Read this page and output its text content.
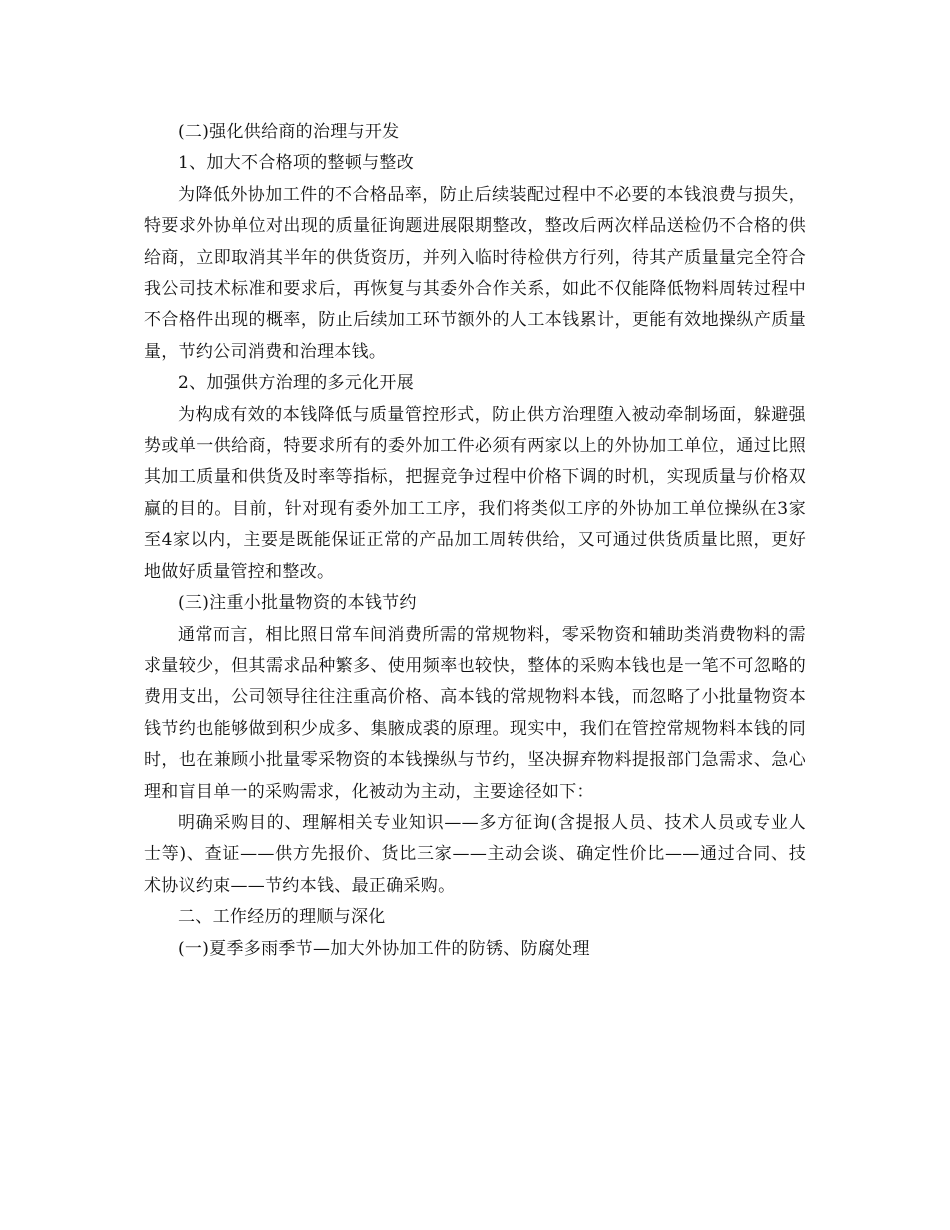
(二)强化供给商的治理与开发

1、加大不合格项的整顿与整改

为降低外协加工件的不合格品率，防止后续装配过程中不必要的本钱浪费与损失，特要求外协单位对出现的质量征询题进展限期整改，整改后两次样品送检仍不合格的供给商，立即取消其半年的供货资历，并列入临时待检供方行列，待其产质量量完全符合我公司技术标准和要求后，再恢复与其委外合作关系，如此不仅能降低物料周转过程中不合格件出现的概率，防止后续加工环节额外的人工本钱累计，更能有效地操纵产质量量，节约公司消费和治理本钱。

2、加强供方治理的多元化开展

为构成有效的本钱降低与质量管控形式，防止供方治理堕入被动牵制场面，躲避强势或单一供给商，特要求所有的委外加工件必须有两家以上的外协加工单位，通过比照其加工质量和供货及时率等指标，把握竞争过程中价格下调的时机，实现质量与价格双赢的目的。目前，针对现有委外加工工序，我们将类似工序的外协加工单位操纵在3家至4家以内，主要是既能保证正常的产品加工周转供给，又可通过供货质量比照，更好地做好质量管控和整改。

(三)注重小批量物资的本钱节约

通常而言，相比照日常车间消费所需的常规物料，零采物资和辅助类消费物料的需求量较少，但其需求品种繁多、使用频率也较快，整体的采购本钱也是一笔不可忽略的费用支出，公司领导往往注重高价格、高本钱的常规物料本钱，而忽略了小批量物资本钱节约也能够做到积少成多、集腋成裘的原理。现实中，我们在管控常规物料本钱的同时，也在兼顾小批量零采物资的本钱操纵与节约，坚决摒弃物料提报部门急需求、急心理和盲目单一的采购需求，化被动为主动，主要途径如下：

明确采购目的、理解相关专业知识——多方征询(含提报人员、技术人员或专业人士等)、查证——供方先报价、货比三家——主动会谈、确定性价比——通过合同、技术协议约束——节约本钱、最正确采购。

二、工作经历的理顺与深化

(一)夏季多雨季节—加大外协加工件的防锈、防腐处理
